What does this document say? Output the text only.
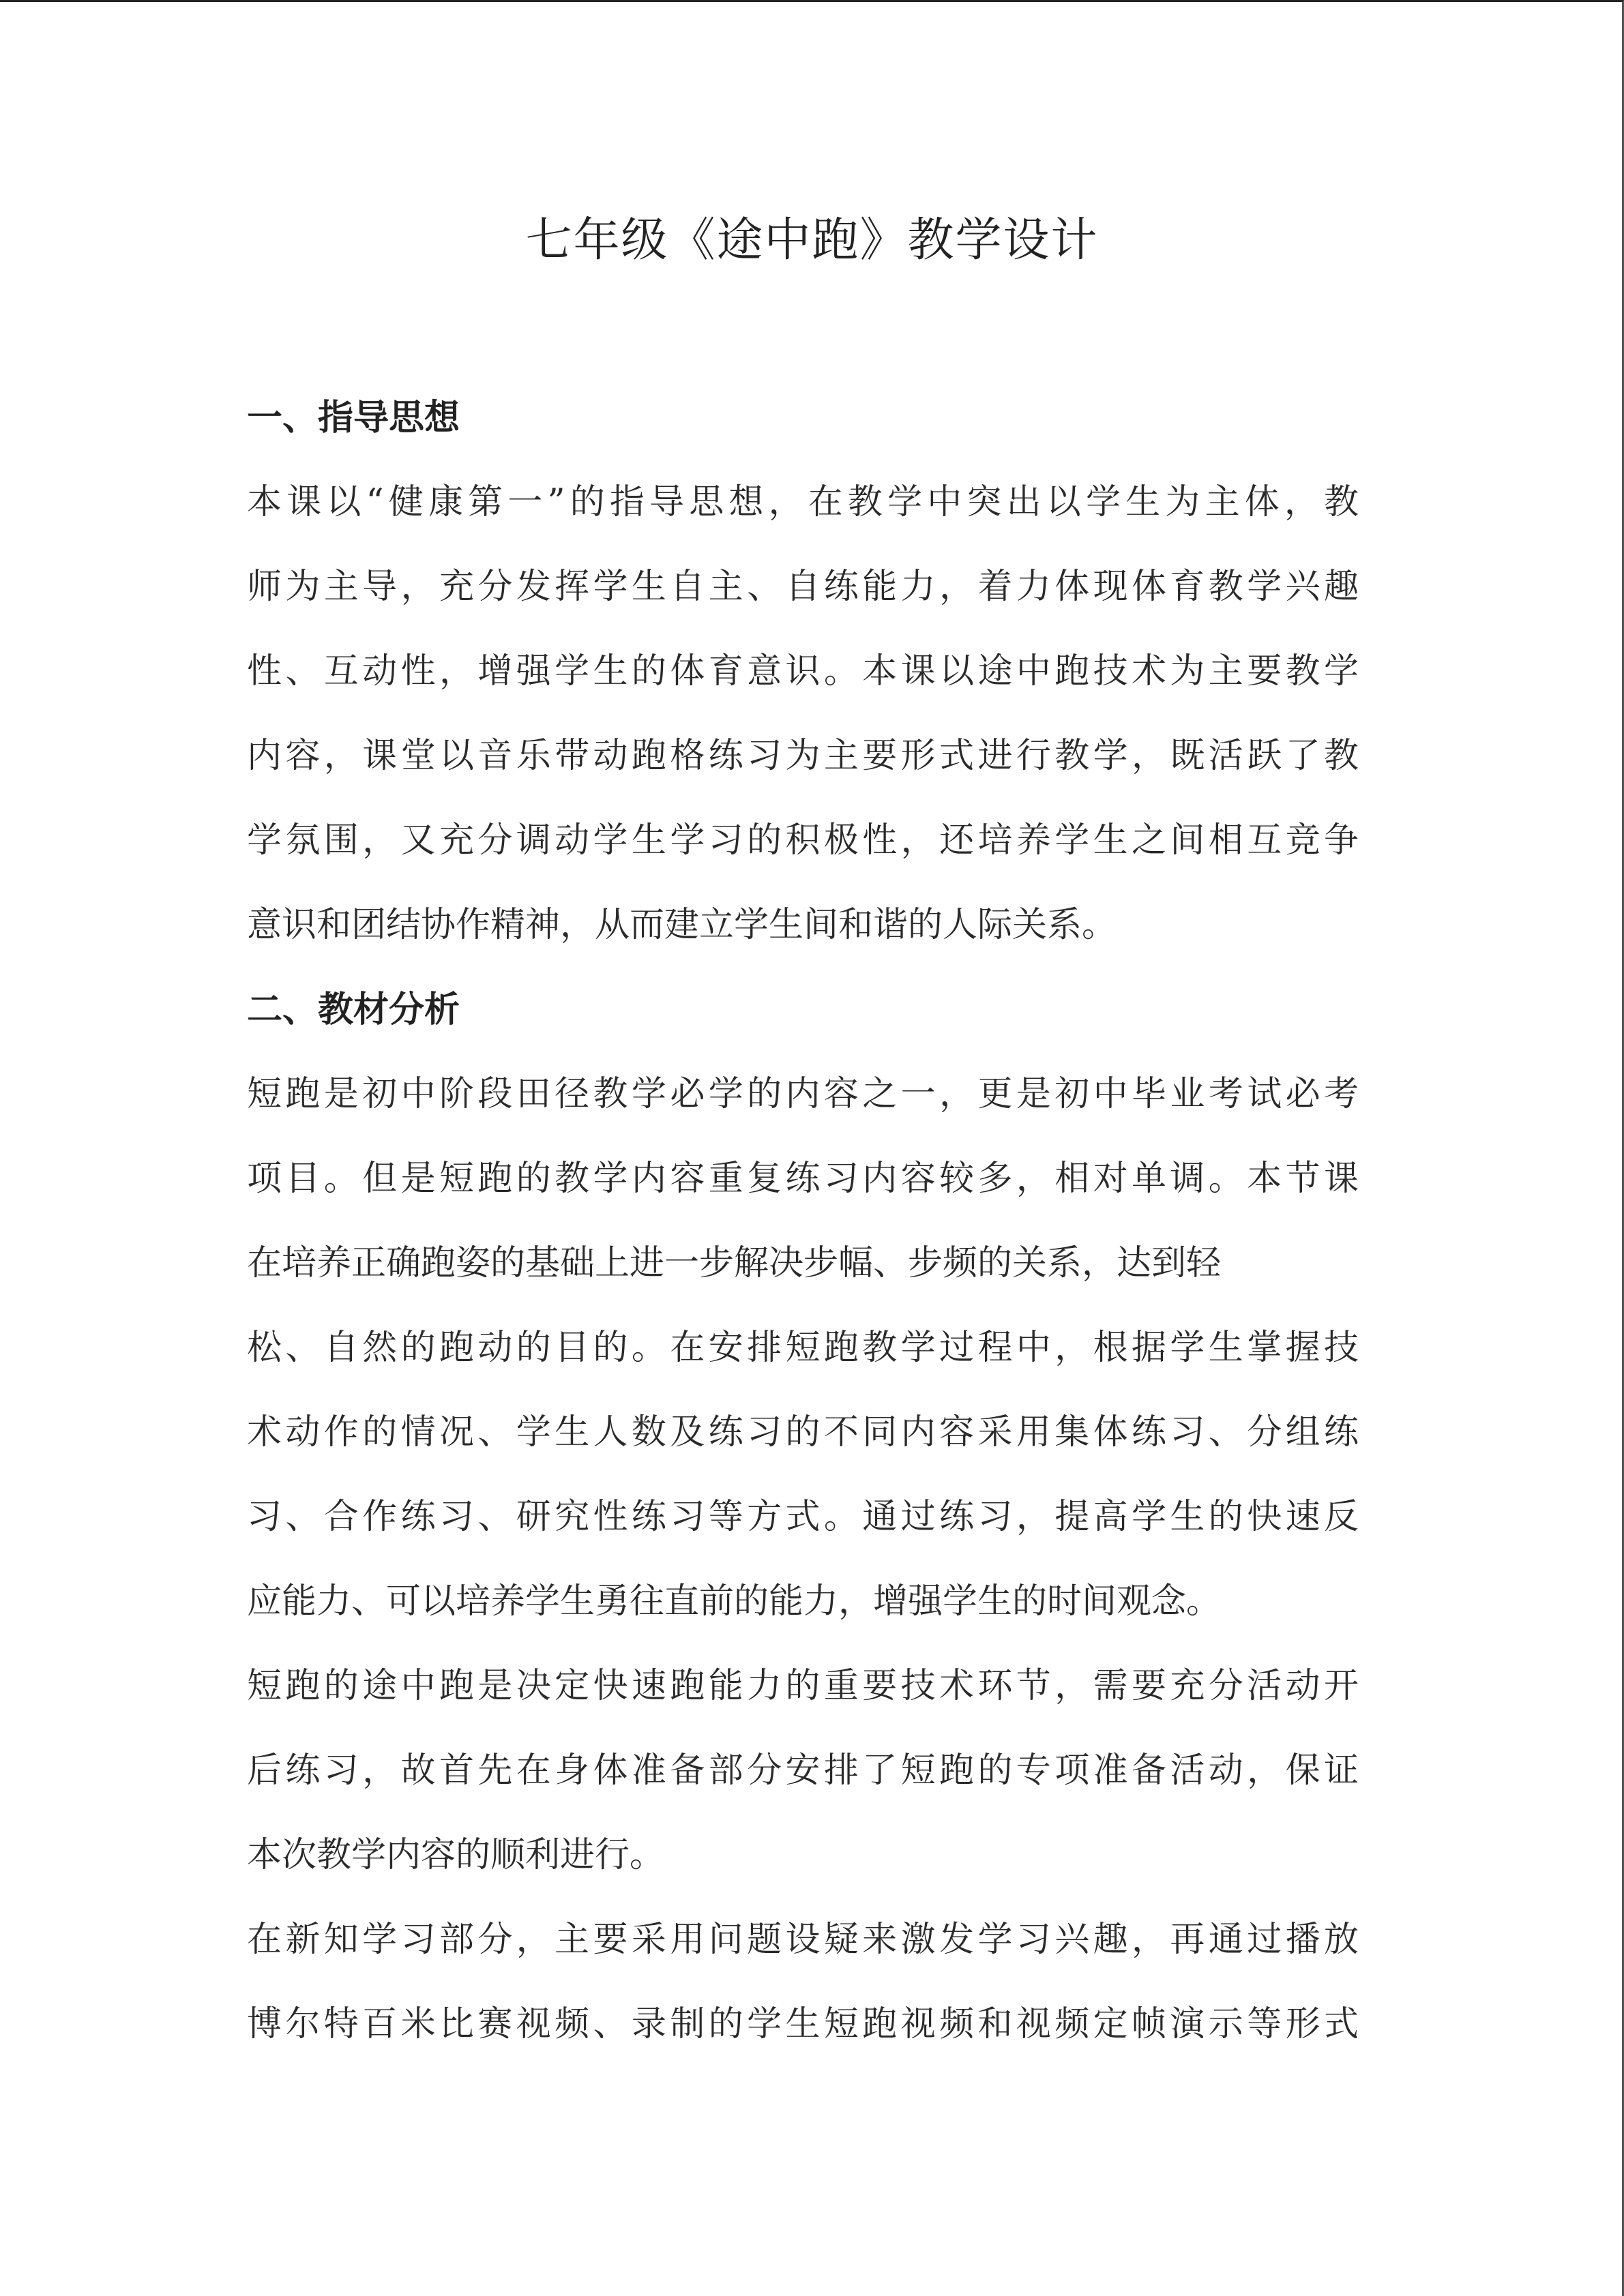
七年级《途中跑》教学设计
一、指导思想

本课以“健康第一”的指导思想，在教学中突出以学生为主体，教
师为主导，充分发挥学生自主、自练能力，着力体现体育教学兴趣
性、互动性，增强学生的体育意识。本课以途中跑技术为主要教学
内容，课堂以音乐带动跑格练习为主要形式进行教学，既活跃了教
学氛围，又充分调动学生学习的积极性，还培养学生之间相互竞争
意识和团结协作精神，从而建立学生间和谐的人际关系。

二、教材分析

短跑是初中阶段田径教学必学的内容之一，更是初中毕业考试必考
项目。但是短跑的教学内容重复练习内容较多，相对单调。本节课
在培养正确跑姿的基础上进一步解决步幅、步频的关系，达到轻
松、自然的跑动的目的。在安排短跑教学过程中，根据学生掌握技
术动作的情况、学生人数及练习的不同内容采用集体练习、分组练
习、合作练习、研究性练习等方式。通过练习，提高学生的快速反
应能力、可以培养学生勇往直前的能力，增强学生的时间观念。

短跑的途中跑是决定快速跑能力的重要技术环节，需要充分活动开
后练习，故首先在身体准备部分安排了短跑的专项准备活动，保证
本次教学内容的顺利进行。

在新知学习部分，主要采用问题设疑来激发学习兴趣，再通过播放
博尔特百米比赛视频、录制的学生短跑视频和视频定帧演示等形式
